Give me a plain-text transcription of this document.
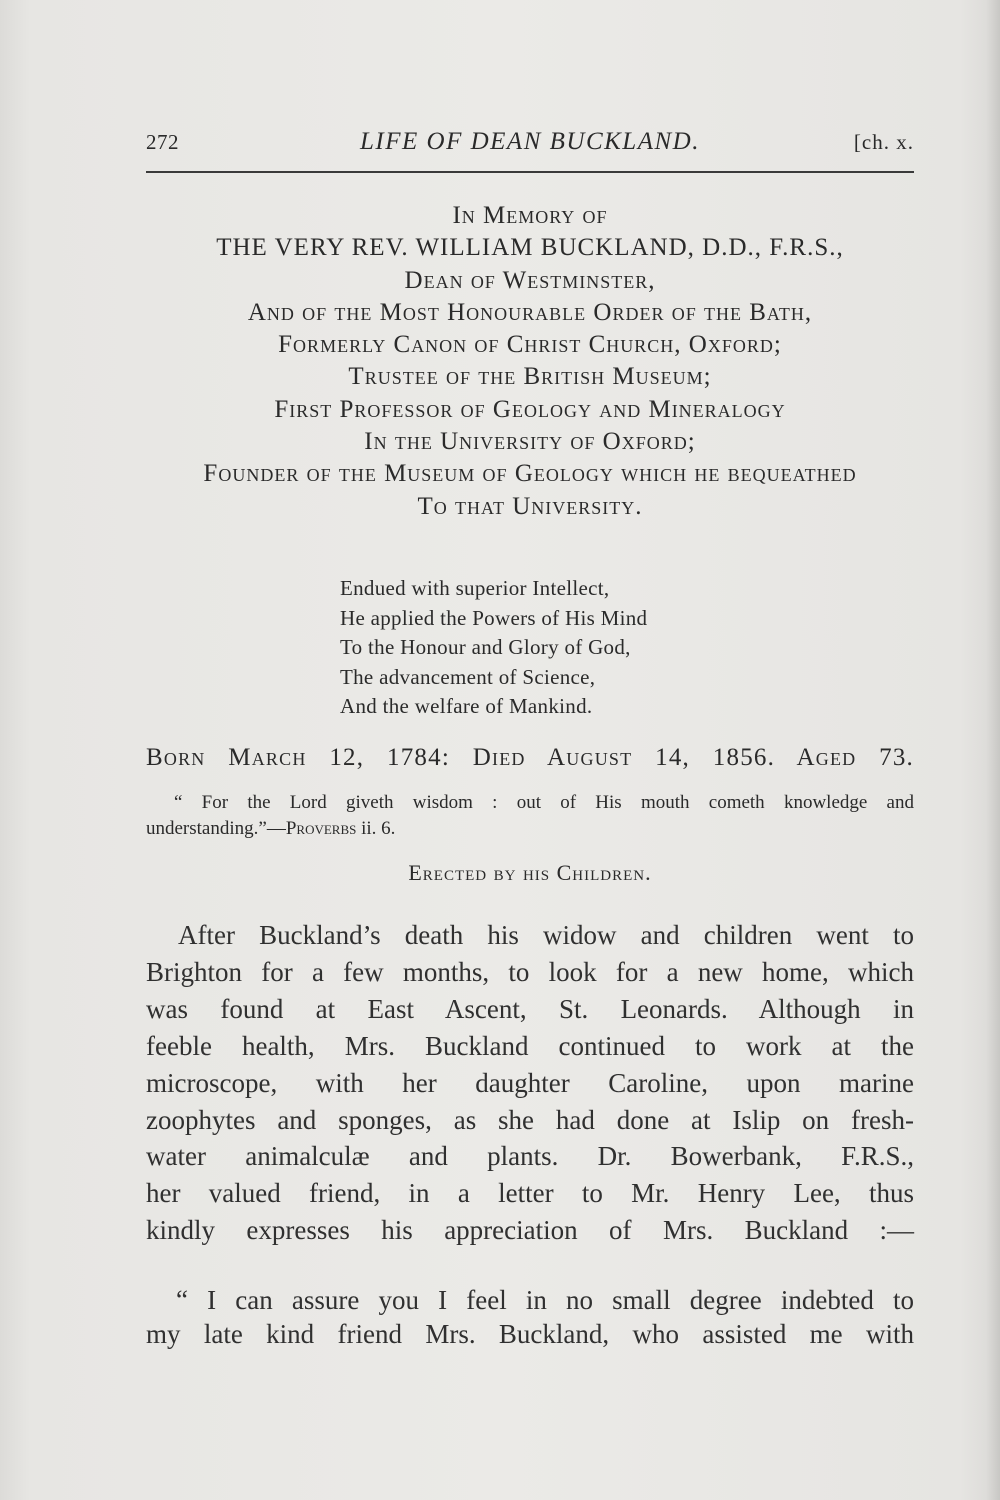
272	LIFE OF DEAN BUCKLAND.	[ch. x.
In Memory of
THE VERY REV. WILLIAM BUCKLAND, D.D., F.R.S.,
Dean of Westminster,
And of the Most Honourable Order of the Bath,
Formerly Canon of Christ Church, Oxford;
Trustee of the British Museum;
First Professor of Geology and Mineralogy
In the University of Oxford;
Founder of the Museum of Geology which he bequeathed
To that University.
Endued with superior Intellect,
He applied the Powers of His Mind
To the Honour and Glory of God,
The advancement of Science,
And the welfare of Mankind.
Born March 12, 1784: Died August 14, 1856. Aged 73.
“ For the Lord giveth wisdom : out of His mouth cometh knowledge and
understanding.”—Proverbs ii. 6.
Erected by his Children.
After Buckland’s death his widow and children went to
Brighton for a few months, to look for a new home, which
was found at East Ascent, St. Leonards. Although in
feeble health, Mrs. Buckland continued to work at the
microscope, with her daughter Caroline, upon marine
zoophytes and sponges, as she had done at Islip on fresh-
water animalculæ and plants. Dr. Bowerbank, F.R.S.,
her valued friend, in a letter to Mr. Henry Lee, thus
kindly expresses his appreciation of Mrs. Buckland :—
“ I can assure you I feel in no small degree indebted to
my late kind friend Mrs. Buckland, who assisted me with
